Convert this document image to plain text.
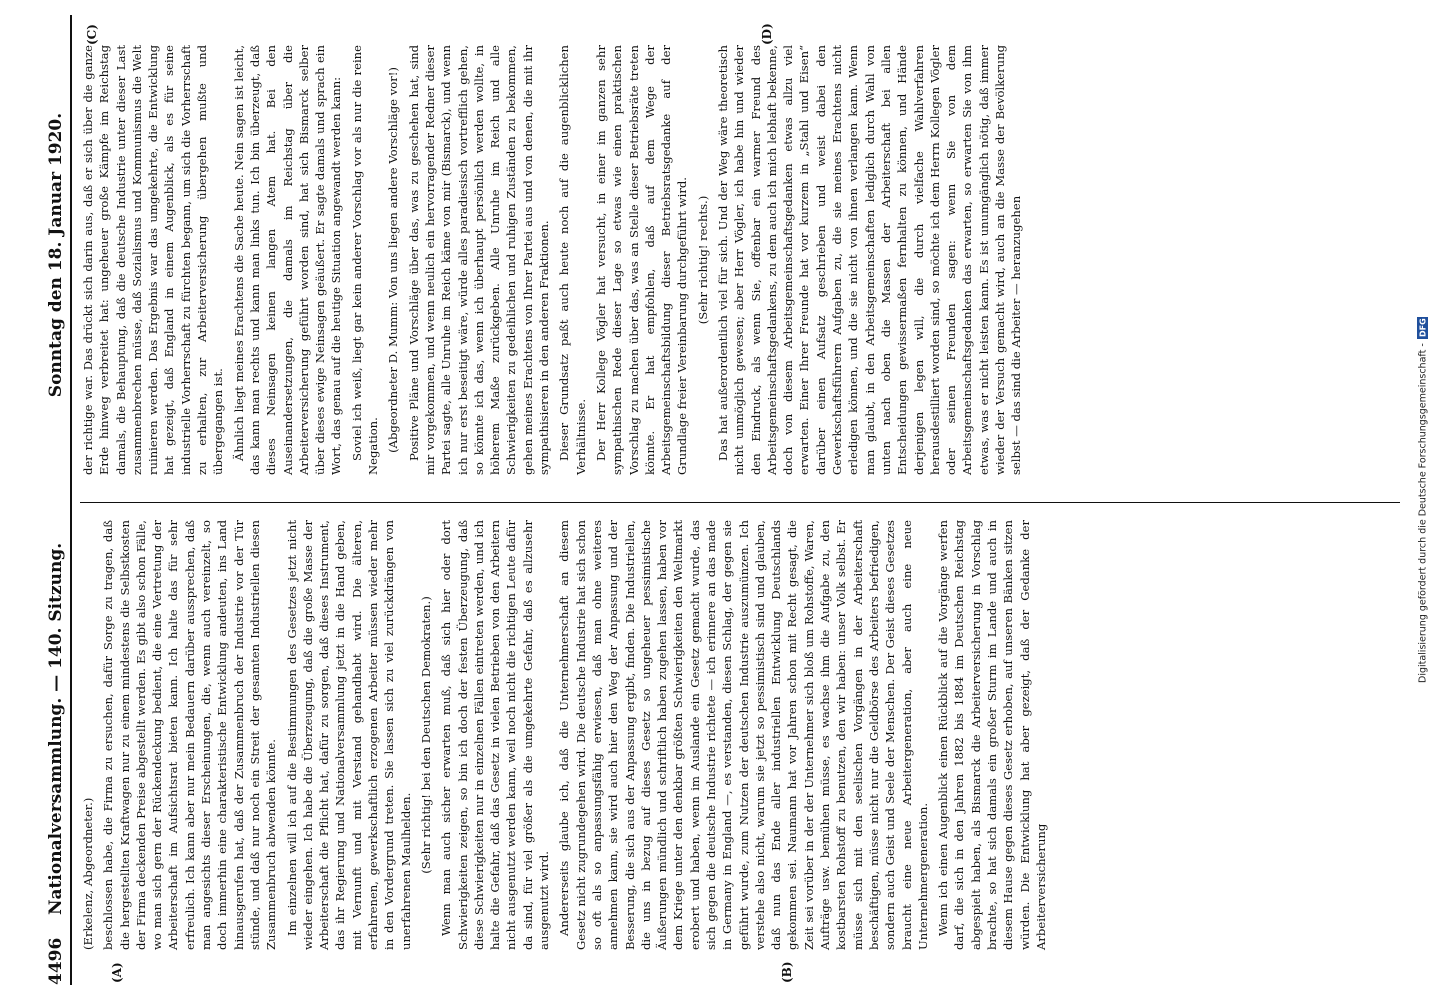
4496
Nationalversammlung. — 140. Sitzung.
Sonntag den 18. Januar 1920.
(A)	(B)
(C)	(D)

(Erkelenz, Abgeordneter.) beschlossen habe, die Firma zu ersuchen, dafür Sorge zu tragen, daß die hergestellten Kraftwagen nur zu einem mindestens die Selbstkosten der Firma deckenden Preise abgestellt werden. Es gibt also schon Fälle, wo man sich gern der Rückendeckung bedient, die eine Vertretung der Arbeiterschaft im Aufsichtsrat bieten kann. Ich halte das für sehr erfreulich. Ich kann aber nur mein Bedauern darüber aussprechen, daß man angesichts dieser Erscheinungen, die, wenn auch vereinzelt, so doch immerhin eine charakteristische Entwicklung andeuten, ins Land hinausgerufen hat, daß der Zusammenbruch der Industrie vor der Tür stünde, und daß nur noch ein Streit der gesamten Industriellen diesen Zusammenbruch abwenden könnte. Im einzelnen will ich auf die Bestimmungen des Gesetzes jetzt nicht wieder eingehen. Ich habe die Überzeugung, daß die große Masse der Arbeiterschaft die Pflicht hat, dafür zu sorgen, daß dieses Instrument, das ihr Regierung und Nationalversammlung jetzt in die Hand geben, mit Vernunft und mit Verstand gehandhabt wird. Die älteren, erfahrenen, gewerkschaftlich erzogenen Arbeiter müssen wieder mehr in den Vordergrund treten. Sie lassen sich zu viel zurückdrängen von unerfahrenen Maulhelden. (Sehr richtig! bei den Deutschen Demokraten.) Wenn man auch sicher erwarten muß, daß sich hier oder dort Schwierigkeiten zeigen, so bin ich doch der festen Überzeugung, daß diese Schwierigkeiten nur in einzelnen Fällen eintreten werden, und ich halte die Gefahr, daß das Gesetz in vielen Betrieben von den Arbeitern nicht ausgenutzt werden kann, weil noch nicht die richtigen Leute dafür da sind, für viel größer als die umgekehrte Gefahr, daß es allzusehr ausgenutzt wird. Andererseits glaube ich, daß die Unternehmerschaft an diesem Gesetz nicht zugrundegehen wird. Die deutsche Industrie hat sich schon so oft als so anpassungsfähig erwiesen, daß man ohne weiteres annehmen kann, sie wird auch hier den Weg der Anpassung und der Besserung, die sich aus der Anpassung ergibt, finden. Die Industriellen, die uns in bezug auf dieses Gesetz so ungeheuer pessimistische Äußerungen mündlich und schriftlich haben zugehen lassen, haben vor dem Kriege unter den denkbar größten Schwierigkeiten den Weltmarkt erobert und haben, wenn im Auslande ein Gesetz gemacht wurde, das sich gegen die deutsche Industrie richtete — ich erinnere an das made in Germany in England —, es verstanden, diesen Schlag, der gegen sie geführt wurde, zum Nutzen der deutschen Industrie auszumünzen. Ich verstehe also nicht, warum sie jetzt so pessimistisch sind und glauben, daß nun das Ende aller industriellen Entwicklung Deutschlands gekommen sei. Naumann hat vor Jahren schon mit Recht gesagt, die Zeit sei vorüber in der der Unternehmer sich bloß um Rohstoffe, Waren, Aufträge usw. bemühen müsse, es wachse ihm die Aufgabe zu, den kostbarsten Rohstoff zu benutzen, den wir haben: unser Volk selbst. Er müsse sich mit den seelischen Vorgängen in der Arbeiterschaft beschäftigen, müsse nicht nur die Geldbörse des Arbeiters befriedigen, sondern auch Geist und Seele der Menschen. Der Geist dieses Gesetzes braucht eine neue Arbeitergeneration, aber auch eine neue Unternehmergeneration. Wenn ich einen Augenblick einen Rückblick auf die Vorgänge werfen darf, die sich in den Jahren 1882 bis 1884 im Deutschen Reichstag abgespielt haben, als Bismarck die Arbeiterversicherung in Vorschlag brachte, so hat sich damals ein großer Sturm im Lande und auch in diesem Hause gegen dieses Gesetz erhoben, auf unseren Bänken sitzen würden. Die Entwicklung hat aber gezeigt, daß der Gedanke der Arbeiterversicherung

der richtige war. Das drückt sich darin aus, daß er sich über die ganze Erde hinweg verbreitet hat: ungeheuer große Kämpfe im Reichstag damals, die Behauptung, daß die deutsche Industrie unter dieser Last zusammenbrechen müsse, daß Sozialismus und Kommunismus die Welt ruinieren werden. Das Ergebnis war das umgekehrte, die Entwicklung hat gezeigt, daß England in einem Augenblick, als es für seine industrielle Vorherrschaft zu fürchten begann, um sich die Vorherrschaft zu erhalten, zur Arbeiterversicherung übergehen mußte und übergegangen ist. Ähnlich liegt meines Erachtens die Sache heute. Nein sagen ist leicht, das kann man rechts und kann man links tun. Ich bin überzeugt, daß dieses Neinsagen keinen langen Atem hat. Bei den Auseinandersetzungen, die damals im Reichstag über die Arbeiterversicherung geführt worden sind, hat sich Bismarck selber über dieses ewige Neinsagen geäußert. Er sagte damals und sprach ein Wort, das genau auf die heutige Situation angewandt werden kann: Soviel ich weiß, liegt gar kein anderer Vorschlag vor als nur die reine Negation. (Abgeordneter D. Mumm: Von uns liegen andere Vorschläge vor!) Positive Pläne und Vorschläge über das, was zu geschehen hat, sind mir vorgekommen, und wenn neulich ein hervorragender Redner dieser Partei sagte, alle Unruhe im Reich käme von mir (Bismarck), und wenn ich nur erst beseitigt wäre, würde alles paradiesisch vortrefflich gehen, so könnte ich das, wenn ich überhaupt persönlich werden wollte, in höherem Maße zurückgeben. Alle Unruhe im Reich und alle Schwierigkeiten zu gedeihlichen und ruhigen Zuständen zu bekommen, gehen meines Erachtens von Ihrer Partei aus und von denen, die mit ihr sympathisieren in den anderen Fraktionen. Dieser Grundsatz paßt auch heute noch auf die augenblicklichen Verhältnisse. Der Herr Kollege Vögler hat versucht, in einer im ganzen sehr sympathischen Rede dieser Lage so etwas wie einen praktischen Vorschlag zu machen über das, was an Stelle dieser Betriebsräte treten könnte. Er hat empfohlen, daß auf dem Wege der Arbeitsgemeinschaftsbildung dieser Betriebsratsgedanke auf der Grundlage freier Vereinbarung durchgeführt wird. (Sehr richtig! rechts.) Das hat außerordentlich viel für sich. Und der Weg wäre theoretisch nicht unmöglich gewesen; aber Herr Vögler, ich habe hin und wieder den Eindruck, als wenn Sie, offenbar ein warmer Freund des Arbeitsgemeinschaftsgedankens, zu dem auch ich mich lebhaft bekenne, doch von diesem Arbeitsgemeinschaftsgedanken etwas allzu viel erwarten. Einer Ihrer Freunde hat vor kurzem in „Stahl und Eisen“ darüber einen Aufsatz geschrieben und weist dabei den Gewerkschaftsführern Aufgaben zu, die sie meines Erachtens nicht erledigen können, und die sie nicht von ihnen verlangen kann. Wenn man glaubt, in den Arbeitsgemeinschaften lediglich durch Wahl von unten nach oben die Massen der Arbeiterschaft bei allen Entscheidungen gewissermaßen fernhalten zu können, und Hände derjenigen legen will, die durch vielfache Wahlverfahren herausdestilliert worden sind, so möchte ich dem Herrn Kollegen Vögler oder seinen Freunden sagen: wenn Sie von dem Arbeitsgemeinschaftsgedanken das erwarten, so erwarten Sie von ihm etwas, was er nicht leisten kann. Es ist unumgänglich nötig, daß immer wieder der Versuch gemacht wird, auch an die Masse der Bevölkerung selbst — das sind die Arbeiter — heranzugehen

Digitalisierung gefördert durch die Deutsche Forschungsgemeinschaft -
DFG
